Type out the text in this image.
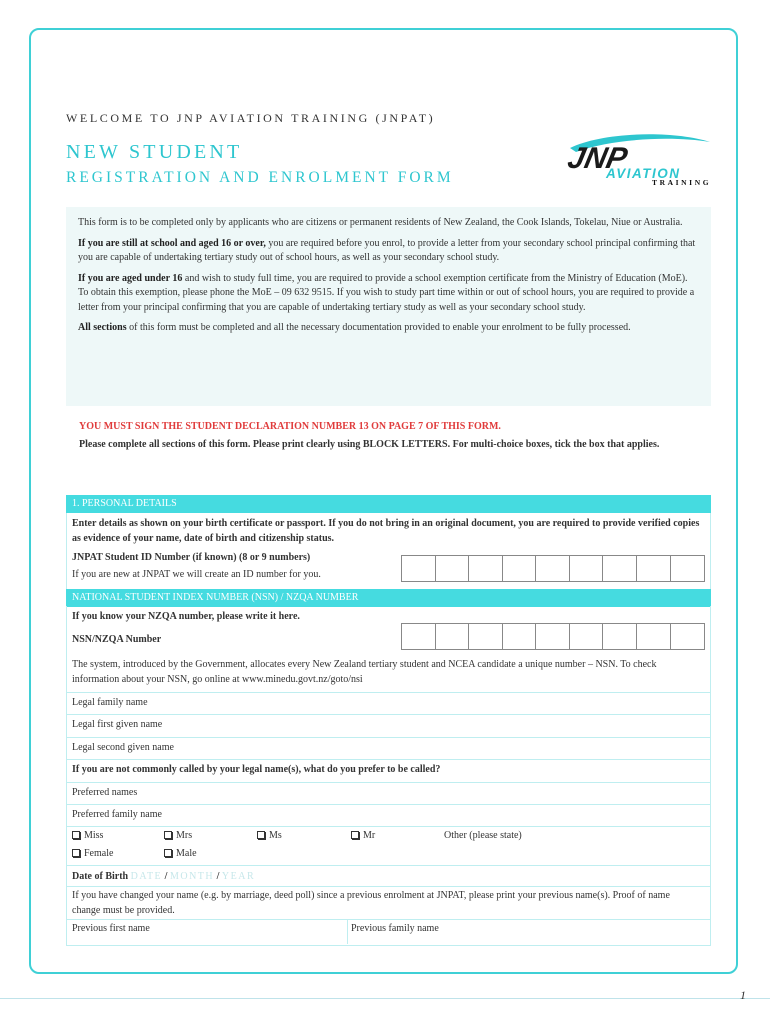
WELCOME TO JNP AVIATION TRAINING (JNPAT)
NEW STUDENT
REGISTRATION AND ENROLMENT FORM
JNP
AVIATION
TRAINING

This form is to be completed only by applicants who are citizens or permanent residents of New Zealand, the Cook Islands, Tokelau, Niue or Australia.

If you are still at school and aged 16 or over, you are required before you enrol, to provide a letter from your secondary school principal confirming that you are capable of undertaking tertiary study out of school hours, as well as your secondary school study.

If you are aged under 16 and wish to study full time, you are required to provide a school exemption certificate from the Ministry of Education (MoE). To obtain this exemption, please phone the MoE – 09 632 9515. If you wish to study part time within or out of school hours, you are required to provide a letter from your principal confirming that you are capable of undertaking tertiary study as well as your secondary school study.

All sections of this form must be completed and all the necessary documentation provided to enable your enrolment to be fully processed.

YOU MUST SIGN THE STUDENT DECLARATION NUMBER 13 ON PAGE 7 OF THIS FORM.
Please complete all sections of this form. Please print clearly using BLOCK LETTERS. For multi-choice boxes, tick the box that applies.
1. PERSONAL DETAILS
Enter details as shown on your birth certificate or passport. If you do not bring in an original document, you are required to provide verified copies as evidence of your name, date of birth and citizenship status.
JNPAT Student ID Number (if known) (8 or 9 numbers)
If you are new at JNPAT we will create an ID number for you.
NATIONAL STUDENT INDEX NUMBER (NSN) / NZQA NUMBER
If you know your NZQA number, please write it here.
NSN/NZQA Number
The system, introduced by the Government, allocates every New Zealand tertiary student and NCEA candidate a unique number – NSN. To check information about your NSN, go online at www.minedu.govt.nz/goto/nsi
Legal family name
Legal first given name
Legal second given name
If you are not commonly called by your legal name(s), what do you prefer to be called?
Preferred names
Preferred family name
Miss	Mrs	Ms	Mr	Other (please state)
Female	Male
Date of Birth DATE / MONTH / YEAR
If you have changed your name (e.g. by marriage, deed poll) since a previous enrolment at JNPAT, please print your previous name(s). Proof of name change must be provided.
Previous first name	Previous family name
1
